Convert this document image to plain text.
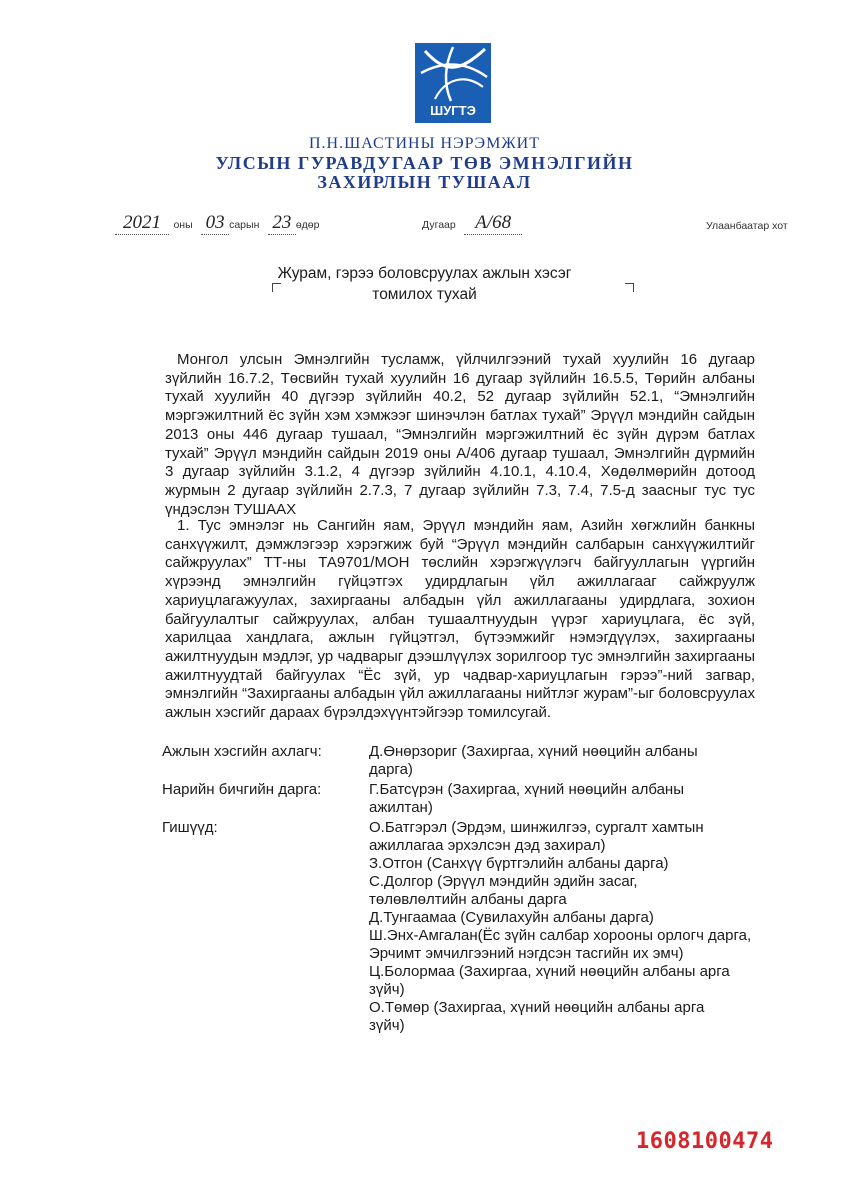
ШУГТЭ
П.Н.ШАСТИНЫ НЭРЭМЖИТ
УЛСЫН ГУРАВДУГААР ТӨВ ЭМНЭЛГИЙН
ЗАХИРЛЫН ТУШААЛ
2021 оны 03 сарын 23 өдөр	Дугаар A/68	Улаанбаатар хот
Журам, гэрээ боловсруулах ажлын хэсэг
томилох тухай
Монгол улсын Эмнэлгийн тусламж, үйлчилгээний тухай хуулийн 16 дугаар зүйлийн 16.7.2, Төсвийн тухай хуулийн 16 дугаар зүйлийн 16.5.5, Төрийн албаны тухай хуулийн 40 дүгээр зүйлийн 40.2, 52 дугаар зүйлийн 52.1, “Эмнэлгийн мэргэжилтний ёс зүйн хэм хэмжээг шинэчлэн батлах тухай” Эрүүл мэндийн сайдын 2013 оны 446 дугаар тушаал, “Эмнэлгийн мэргэжилтний ёс зүйн дүрэм батлах тухай” Эрүүл мэндийн сайдын 2019 оны А/406 дугаар тушаал, Эмнэлгийн дүрмийн 3 дугаар зүйлийн 3.1.2, 4 дүгээр зүйлийн 4.10.1, 4.10.4, Хөдөлмөрийн дотоод журмын 2 дугаар зүйлийн 2.7.3, 7 дугаар зүйлийн 7.3, 7.4, 7.5-д заасныг тус тус үндэслэн ТУШААХ
1. Тус эмнэлэг нь Сангийн яам, Эрүүл мэндийн яам, Азийн хөгжлийн банкны санхүүжилт, дэмжлэгээр хэрэгжиж буй “Эрүүл мэндийн салбарын санхүүжилтийг сайжруулах” ТТ-ны ТА9701/МОН төслийн хэрэгжүүлэгч байгууллагын үүргийн хүрээнд эмнэлгийн гүйцэтгэх удирдлагын үйл ажиллагааг сайжруулж хариуцлагажуулах, захиргааны албадын үйл ажиллагааны удирдлага, зохион байгуулалтыг сайжруулах, албан тушаалтнуудын үүрэг хариуцлага, ёс зүй, харилцаа хандлага, ажлын гүйцэтгэл, бүтээмжийг нэмэгдүүлэх, захиргааны ажилтнуудын мэдлэг, ур чадварыг дээшлүүлэх зорилгоор тус эмнэлгийн захиргааны ажилтнуудтай байгуулах “Ёс зүй, ур чадвар-хариуцлагын гэрээ”-ний загвар, эмнэлгийн “Захиргааны албадын үйл ажиллагааны нийтлэг журам”-ыг боловсруулах ажлын хэсгийг дараах бүрэлдэхүүнтэйгээр томилсугай.
Ажлын хэсгийн ахлагч:	Д.Өнөрзориг (Захиргаа, хүний нөөцийн албаны
дарга)
Нарийн бичгийн дарга:	Г.Батсүрэн (Захиргаа, хүний нөөцийн албаны
ажилтан)
Гишүүд:	О.Батгэрэл (Эрдэм, шинжилгээ, сургалт хамтын
ажиллагаа эрхэлсэн дэд захирал)
З.Отгон (Санхүү бүртгэлийн албаны дарга)
С.Долгор (Эрүүл мэндийн эдийн засаг,
төлөвлөлтийн албаны дарга
Д.Тунгаамаа (Сувилахуйн албаны дарга)
Ш.Энх-Амгалан(Ёс зүйн салбар хорооны орлогч дарга,
Эрчимт эмчилгээний нэгдсэн тасгийн их эмч)
Ц.Болормаа (Захиргаа, хүний нөөцийн албаны арга
зүйч)
О.Төмөр (Захиргаа, хүний нөөцийн албаны арга
зүйч)
1608100474
